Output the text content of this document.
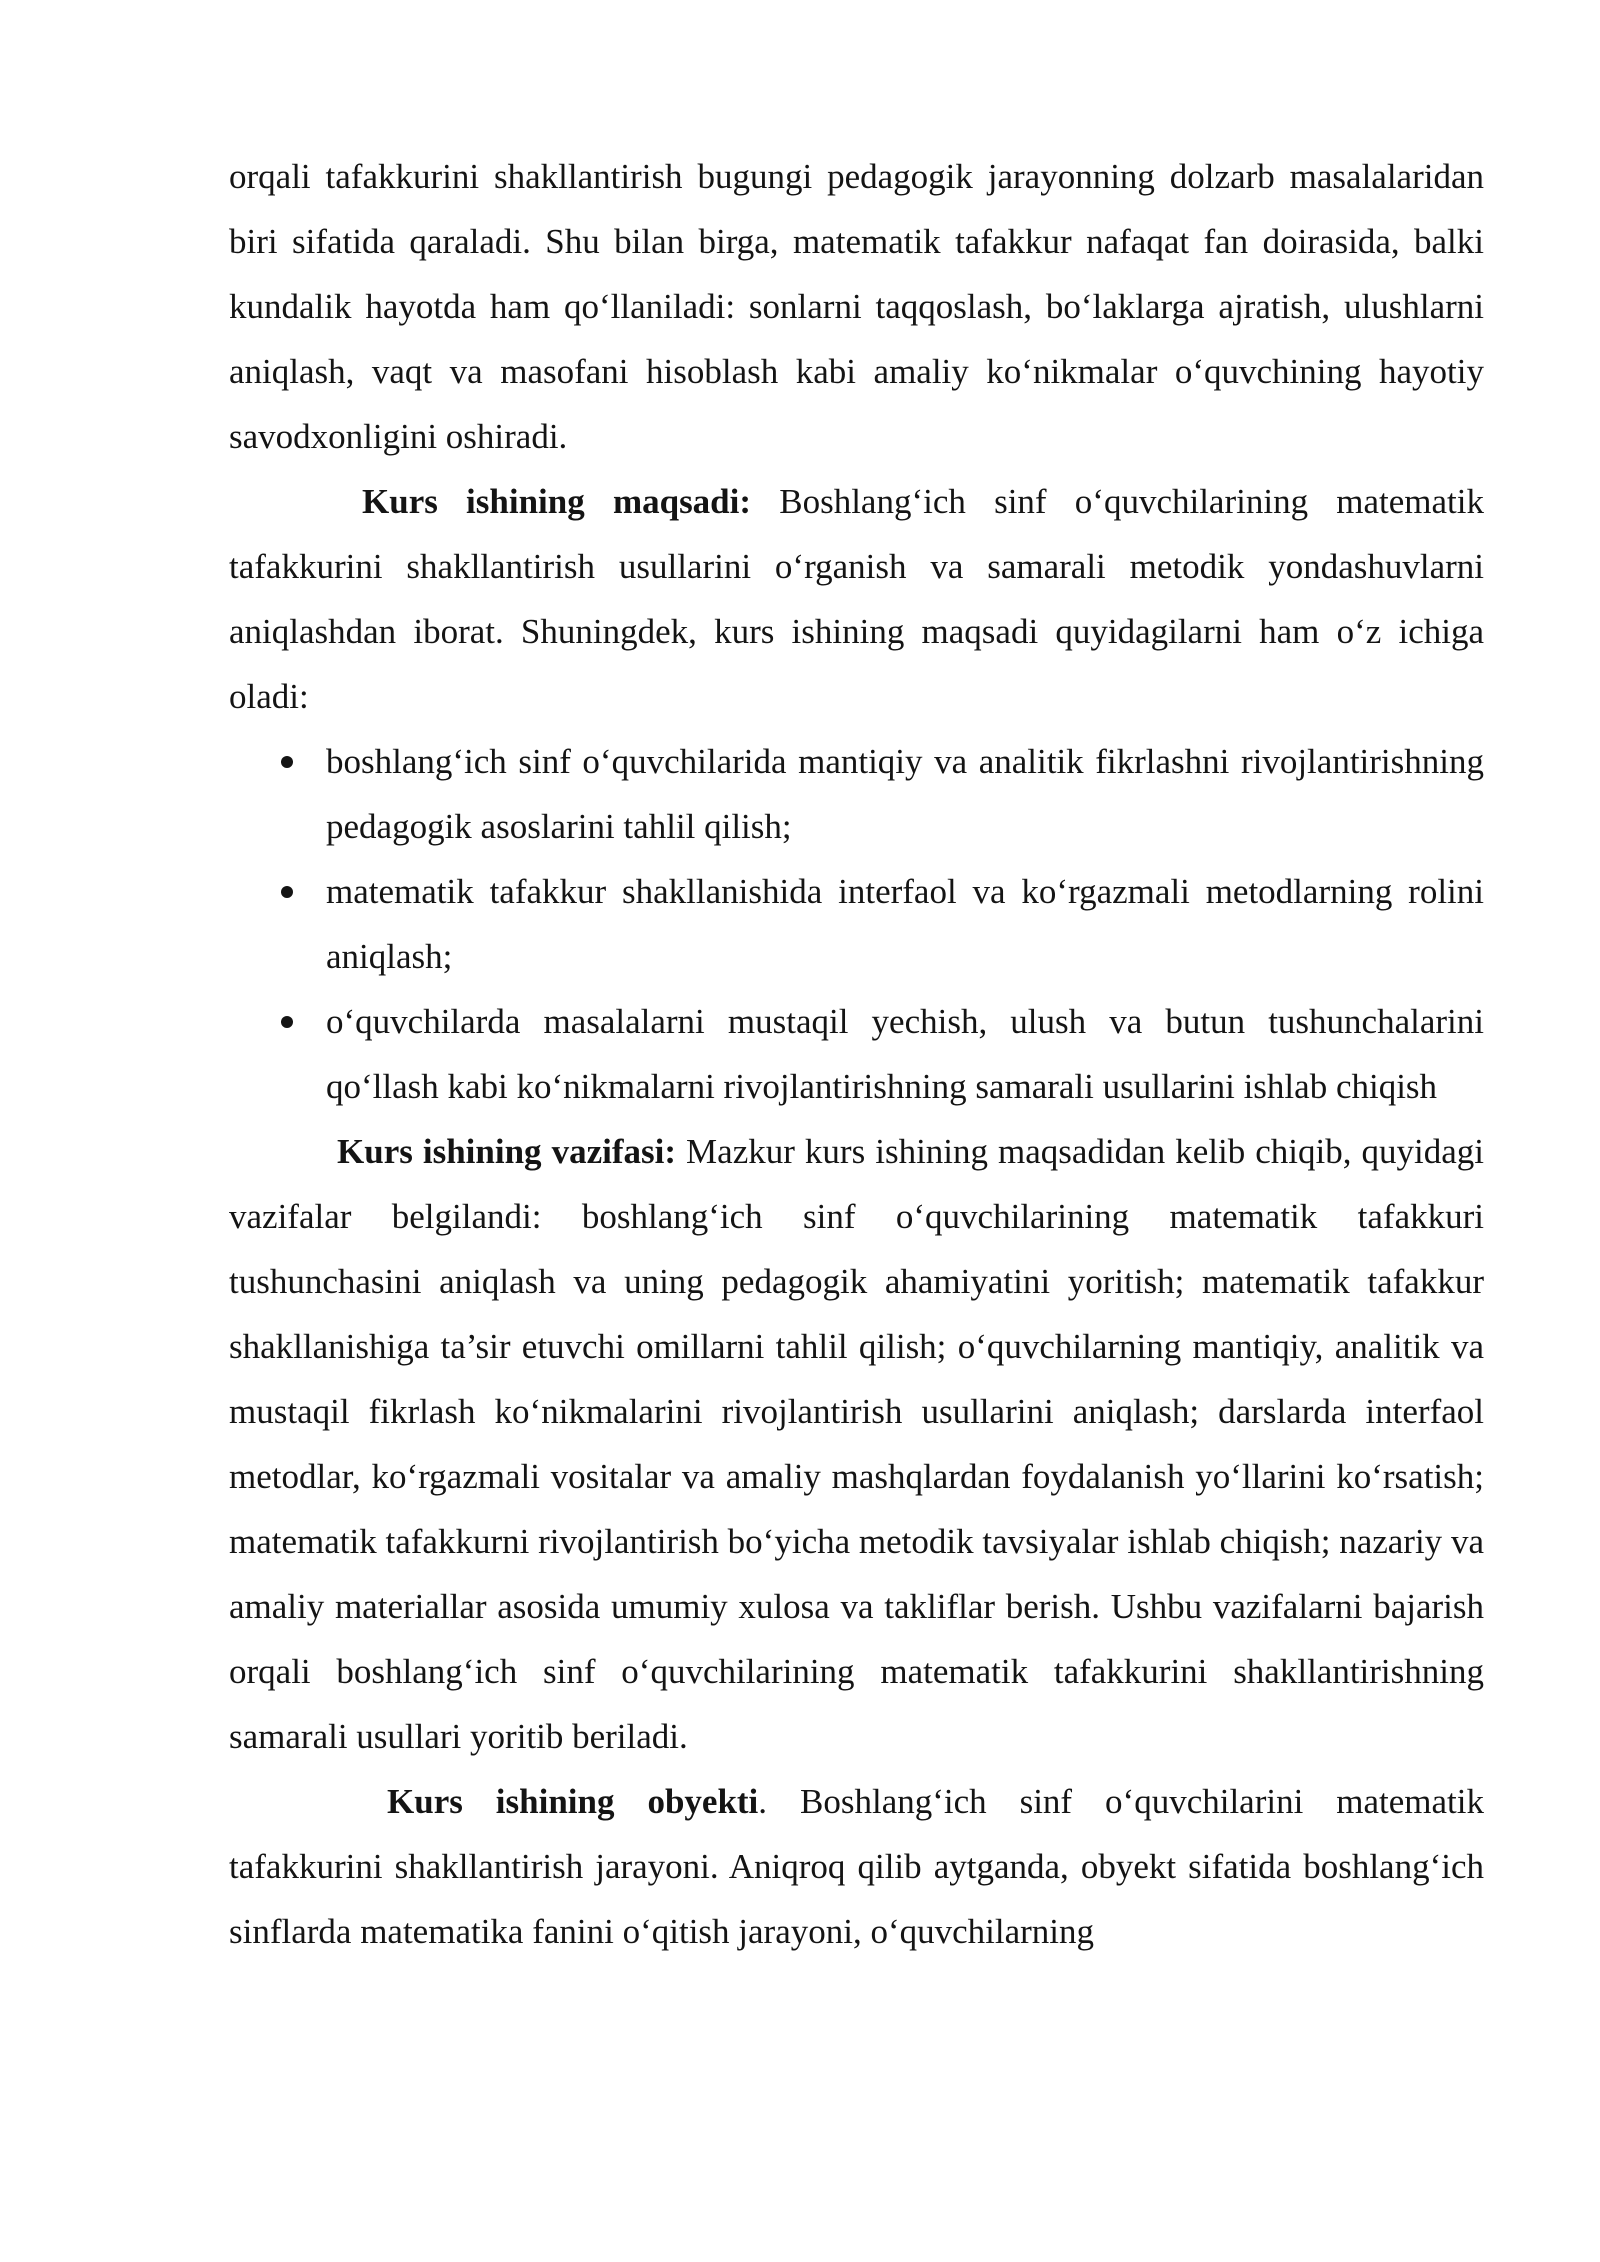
orqali tafakkurini shakllantirish bugungi pedagogik jarayonning dolzarb masalalaridan biri sifatida qaraladi. Shu bilan birga, matematik tafakkur nafaqat fan doirasida, balki kundalik hayotda ham qo‘llaniladi: sonlarni taqqoslash, bo‘laklarga ajratish, ulushlarni aniqlash, vaqt va masofani hisoblash kabi amaliy ko‘nikmalar o‘quvchining hayotiy savodxonligini oshiradi.

Kurs ishining maqsadi: Boshlang‘ich sinf o‘quvchilarining matematik tafakkurini shakllantirish usullarini o‘rganish va samarali metodik yondashuvlarni aniqlashdan iborat. Shuningdek, kurs ishining maqsadi quyidagilarni ham o‘z ichiga oladi:

boshlang‘ich sinf o‘quvchilarida mantiqiy va analitik fikrlashni rivojlantirishning pedagogik asoslarini tahlil qilish;
matematik tafakkur shakllanishida interfaol va ko‘rgazmali metodlarning rolini aniqlash;
o‘quvchilarda masalalarni mustaqil yechish, ulush va butun tushunchalarini qo‘llash kabi ko‘nikmalarni rivojlantirishning samarali usullarini ishlab chiqish

Kurs ishining vazifasi: Mazkur kurs ishining maqsadidan kelib chiqib, quyidagi vazifalar belgilandi: boshlang‘ich sinf o‘quvchilarining matematik tafakkuri tushunchasini aniqlash va uning pedagogik ahamiyatini yoritish; matematik tafakkur shakllanishiga ta’sir etuvchi omillarni tahlil qilish; o‘quvchilarning mantiqiy, analitik va mustaqil fikrlash ko‘nikmalarini rivojlantirish usullarini aniqlash; darslarda interfaol metodlar, ko‘rgazmali vositalar va amaliy mashqlardan foydalanish yo‘llarini ko‘rsatish; matematik tafakkurni rivojlantirish bo‘yicha metodik tavsiyalar ishlab chiqish; nazariy va amaliy materiallar asosida umumiy xulosa va takliflar berish. Ushbu vazifalarni bajarish orqali boshlang‘ich sinf o‘quvchilarining matematik tafakkurini shakllantirishning samarali usullari yoritib beriladi.

Kurs ishining obyekti. Boshlang‘ich sinf o‘quvchilarini matematik tafakkurini shakllantirish jarayoni. Aniqroq qilib aytganda, obyekt sifatida boshlang‘ich sinflarda matematika fanini o‘qitish jarayoni, o‘quvchilarning
